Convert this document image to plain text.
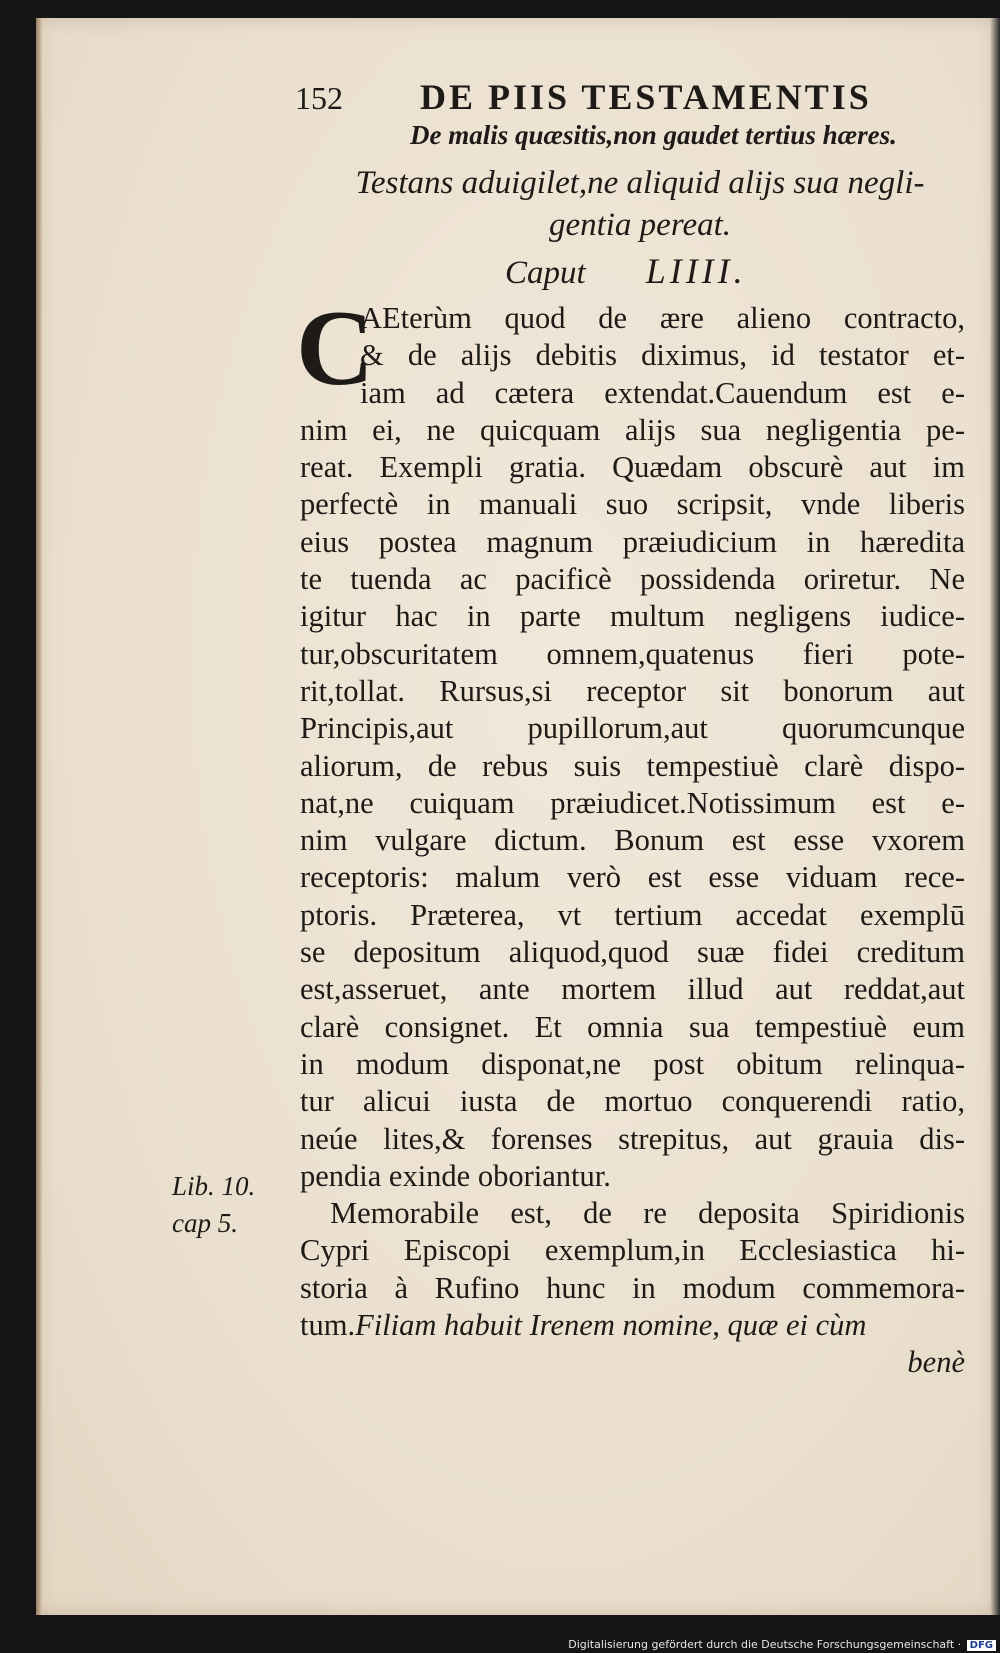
152 DE PIIS TESTAMENTIS
De malis quæsitis,non gaudet tertius hæres.
Testans aduigilet,ne aliquid alijs sua negli-
gentia pereat.
Caput LIIII.
C
AEterùm quod de ære alieno contracto,
& de alijs debitis diximus, id testator et-
iam ad cætera extendat.Cauendum est e-
nim ei, ne quicquam alijs sua negligentia pe-
reat. Exempli gratia. Quædam obscurè aut im
perfectè in manuali suo scripsit, vnde liberis
eius postea magnum præiudicium in hæredita
te tuenda ac pacificè possidenda oriretur. Ne
igitur hac in parte multum negligens iudice-
tur,obscuritatem omnem,quatenus fieri pote-
rit,tollat. Rursus,si receptor sit bonorum aut
Principis,aut pupillorum,aut quorumcunque
aliorum, de rebus suis tempestiuè clarè dispo-
nat,ne cuiquam præiudicet.Notissimum est e-
nim vulgare dictum. Bonum est esse vxorem
receptoris: malum verò est esse viduam rece-
ptoris. Præterea, vt tertium accedat exemplū
se depositum aliquod,quod suæ fidei creditum
est,asseruet, ante mortem illud aut reddat,aut
clarè consignet. Et omnia sua tempestiuè eum
in modum disponat,ne post obitum relinqua-
tur alicui iusta de mortuo conquerendi ratio,
neúe lites,& forenses strepitus, aut grauia dis-
pendia exinde oboriantur.
Memorabile est, de re deposita Spiridionis
Cypri Episcopi exemplum,in Ecclesiastica hi-
storia à Rufino hunc in modum commemora-
tum.Filiam habuit Irenem nomine, quæ ei cùm
benè
Lib. 10.
cap 5.
Digitalisierung gefördert durch die Deutsche Forschungsgemeinschaft · DFG
